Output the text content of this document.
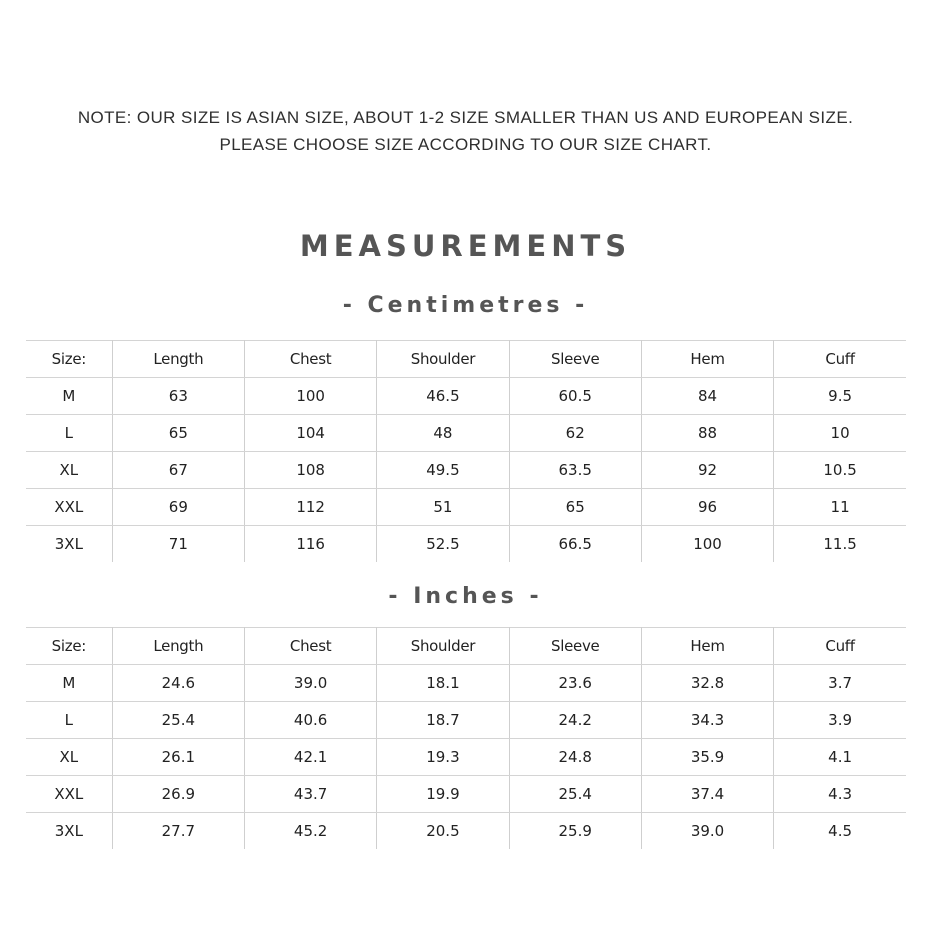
NOTE: OUR SIZE IS ASIAN SIZE, ABOUT 1-2 SIZE SMALLER THAN US AND EUROPEAN SIZE.
PLEASE CHOOSE SIZE ACCORDING TO OUR SIZE CHART.
MEASUREMENTS
- Centimetres -
Size:	Length	Chest	Shoulder	Sleeve	Hem	Cuff
M	63	100	46.5	60.5	84	9.5
L	65	104	48	62	88	10
XL	67	108	49.5	63.5	92	10.5
XXL	69	112	51	65	96	11
3XL	71	116	52.5	66.5	100	11.5
- Inches -
Size:	Length	Chest	Shoulder	Sleeve	Hem	Cuff
M	24.6	39.0	18.1	23.6	32.8	3.7
L	25.4	40.6	18.7	24.2	34.3	3.9
XL	26.1	42.1	19.3	24.8	35.9	4.1
XXL	26.9	43.7	19.9	25.4	37.4	4.3
3XL	27.7	45.2	20.5	25.9	39.0	4.5
